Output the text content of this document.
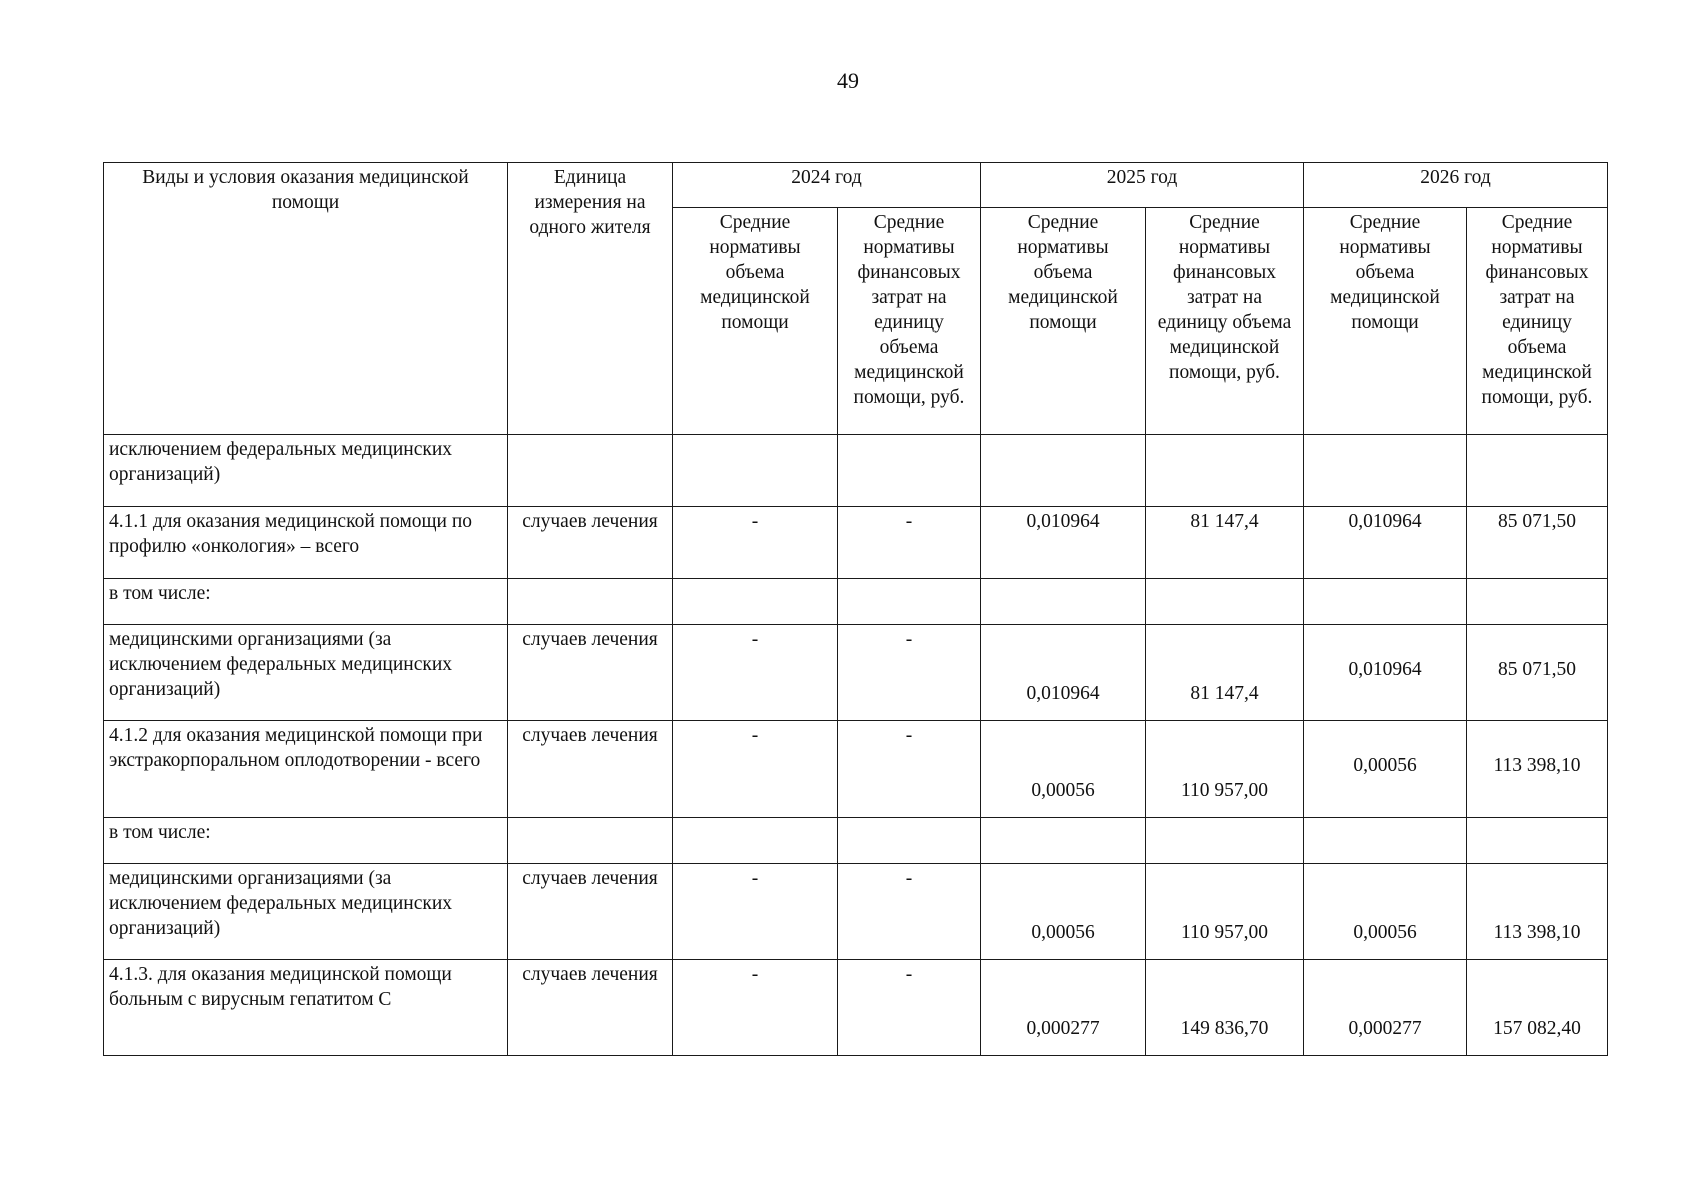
49
Виды и условия оказания медицинской помощи	Единица измерения на одного жителя	2024 год		2025 год		2026 год	
		Средние нормативы объема медицинской помощи	Средние нормативы финансовых затрат на единицу объема медицинской помощи, руб.	Средние нормативы объема медицинской помощи	Средние нормативы финансовых затрат на единицу объема медицинской помощи, руб.	Средние нормативы объема медицинской помощи	Средние нормативы финансовых затрат на единицу объема медицинской помощи, руб.
исключением федеральных медицинских организаций)							
4.1.1 для оказания медицинской помощи по профилю «онкология» – всего	случаев лечения	-	-	0,010964	81 147,4	0,010964	85 071,50
в том числе:							
медицинскими организациями (за исключением федеральных медицинских организаций)	случаев лечения	-	-	0,010964	81 147,4	0,010964	85 071,50
4.1.2 для оказания медицинской помощи при экстракорпоральном оплодотворении - всего	случаев лечения	-	-	0,00056	110 957,00	0,00056	113 398,10
в том числе:							
медицинскими организациями (за исключением федеральных медицинских организаций)	случаев лечения	-	-	0,00056	110 957,00	0,00056	113 398,10
4.1.3. для оказания медицинской помощи больным с вирусным гепатитом С	случаев лечения	-	-	0,000277	149 836,70	0,000277	157 082,40
